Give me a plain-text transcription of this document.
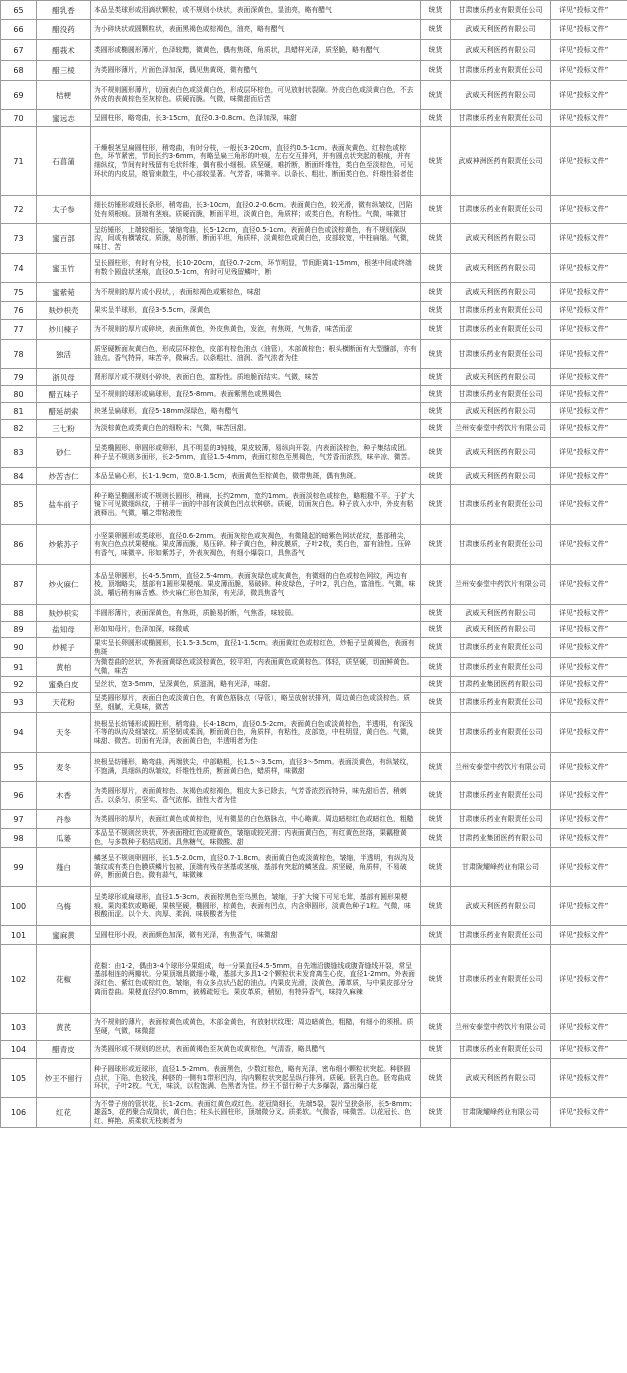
65	醋乳香	本品呈类球形或泪滴状颗粒，或不规则小块状，表面深黄色，显油亮，略有醋气	统货	甘肃康乐药业有限责任公司	详见“投标文件”
66	醋没药	为小碎块状或圆颗粒状，表面黑褐色或棕褐色，油亮，略有醋气	统货	武威天利医药有限公司	详见“投标文件”
67	醋莪术	类圆形或椭圆形薄片，色泽较黯，微黄色，偶有焦斑，角质状，具蜡样光泽，质坚脆，略有醋气	统货	武威天利医药有限公司	详见“投标文件”
68	醋三棱	为类圆形薄片，片面色泽加深，偶见焦黄斑，微有醋气	统货	甘肃康乐药业有限责任公司	详见“投标文件”
69	桔梗	为不规则圆形薄片，切面表白色或淡黄白色，形成层环棕色，可见放射状裂隙。外皮白色或淡黄白色，不去外皮的表黄棕色至灰棕色。质硬而脆。气微，味微甜而后苦	统货	武威天利医药有限公司	详见“投标文件”
70	蜜远志	呈圆柱形，略弯曲，长3-15cm，直径0.3-0.8cm。色泽加深，味甜	统货	甘肃康乐药业有限责任公司	详见“投标文件”
71	石菖蒲	干燥根茎呈扁圆柱形，稍弯曲，有时分枝，一般长3-20cm，直径约0.5-1cm。表面灰黄色、红棕色或棕色，环节紧密，节间长约3-6mm，有略呈扁三角形的叶痕，左右交互排列，并有圆点状突起的根痕，并有细纵纹，节间有时残留有毛状纤维，偶有极小细根。质坚硬，难折断，断面纤维性，类白色至淡棕色，可见环状的内皮层，维管束散生，中心部较显著。气芳香，味微辛。以条长、粗壮、断面类白色、纤维性弱者佳	统货	武威神洲医药有限责任公司	详见“投标文件”
72	太子参	细长纺锤形或细长条形，稍弯曲，长3-10cm，直径0.2-0.6cm。表面黄白色，较光滑，微有纵皱纹，凹陷处有须根痕。顶端有茎痕。质硬而脆，断面平坦，淡黄白色，角质样；或类白色，有粉性。气微，味微甘	统货	甘肃康乐药业有限责任公司	详见“投标文件”
73	蜜百部	呈纺锤形，上端较细长，皱缩弯曲，长5-12cm，直径0.5-1cm。表面黄白色或淡棕黄色，有不规则深纵沟，间或有横皱纹。质脆，易折断，断面平坦，角质样，淡黄棕色或黄白色，皮部较宽，中柱扁缩。气微，味甘、苦	统货	武威天利医药有限公司	详见“投标文件”
74	蜜玉竹	呈长圆柱形，有时有分枝，长10-20cm，直径0.7-2cm，环节明显，节间距离1-15mm，根茎中间或终端有数个圆盘状茎痕，直径0.5-1cm，有时可见残留鳞叶，断	统货	武威天利医药有限公司	详见“投标文件”
75	蜜紫菀	为不规则的厚片或小段状，，表面棕褐色或紫棕色，味甜	统货	武威天利医药有限公司	详见“投标文件”
76	麸炒枳壳	果实呈半球形，直径3-5.5cm，深黄色	统货	甘肃康乐药业有限责任公司	详见“投标文件”
77	炒川楝子	为不规则的厚片或碎块，表面焦黄色，外皮焦黄色，发泡，有焦斑，气焦香，味苦而涩	统货	甘肃康乐药业有限责任公司	详见“投标文件”
78	独活	质坚硬断面灰黄白色，形成层环棕色，皮部有棕色油点（油管），木部黄棕色；根头横断面有大型髓部，亦有油点。香气特异，味苦辛，微麻舌。以条粗壮、油润、香气浓者为佳	统货	甘肃康乐药业有限责任公司	详见“投标文件”
79	浙贝母	肾形厚片或不规则小碎块，表面白色，富粉性。质地脆而结实。气微，味苦	统货	武威天利医药有限公司	详见“投标文件”
80	醋五味子	呈不规则的球形或扁球形，直径5-8mm。表面紫黑色或黑褐色	统货	甘肃康乐药业有限责任公司	详见“投标文件”
81	醋延胡索	块茎呈扁球形，直径5-18mm深绿色，略有醋气	统货	武威天利医药有限公司	详见“投标文件”
82	三七粉	为淡棕黄色或类黄白色的细粉末；气微，味苦回甜。	统货	兰州安泰堂中药饮片有限公司	详见“投标文件”
83	砂仁	呈类椭圆形、卵圆形或卵形，具不明显的3钝棱，果皮较薄，易纵向开裂，内表面淡棕色，种子集结成团。种子呈不规则多面形，长2-5mm，直径1.5-4mm，表面红棕色至黑褐色，气芳香而浓烈，味辛凉、微苦。	统货	武威天利医药有限公司	详见“投标文件”
84	炒苦杏仁	本品呈扁心形，长1-1.9cm，宽0.8-1.5cm，表面黄色至棕黄色，微带焦斑，偶有焦斑。	统货	武威天利医药有限公司	详见“投标文件”
85	盐车前子	种子略呈椭圆形或不规则长圆形，稍扁，长约2mm，宽约1mm。表面淡棕色或棕色，略粗糙不平。于扩大镜下可见微细纵纹，于稍平一面的中部有淡黄色凹点状种脐。质硬，切面灰白色。种子放入水中，外皮有粘液释出。气微，嚼之带粘液性	统货	甘肃康乐药业有限责任公司	详见“投标文件”
86	炒紫苏子	小坚果卵圆形或类球形，直径0.6-2mm。表面灰棕色或灰褐色，有微隆起的暗紫色网状花纹，基部稍尖，有灰白色点状果梗痕。果皮薄而脆，易压碎。种子黄白色，种皮膜质，子叶2枚，类白色，富有油性。压碎有香气，味微辛。形如紫苏子，外表灰褐色，有细小爆裂口，具焦香气	统货	甘肃康乐药业有限责任公司	详见“投标文件”
87	炒火麻仁	本品呈卵圆形，长4-5.5mm，直径2.5-4mm。表面灰绿色或灰黄色，有微细的白色或棕色网纹，两边有棱，顶端略尖，基部有1圆形果梗痕。果皮薄而脆，易破碎。种皮绿色，子叶2，乳白色，富油性。气微，味淡。嚼后稍有麻舌感。炒火麻仁形色加深，有光泽，微具焦香气	统货	兰州安泰堂中药饮片有限公司	详见“投标文件”
88	麸炒枳实	半圆形薄片，表面深黄色，有焦斑，质脆易折断，气焦香，味较弱。	统货	武威天利医药有限公司	详见“投标文件”
89	盐知母	形如知母片，色泽加深，味微咸	统货	武威天利医药有限公司	详见“投标文件”
90	炒栀子	果实呈长卵圆形或椭圆形，长1.5-3.5cm，直径1-1.5cm。表面黄红色或棕红色，炒栀子呈黄褐色，表面有焦斑	统货	甘肃康乐药业有限责任公司	详见“投标文件”
91	黄柏	为微卷曲的丝状，外表面黄绿色或淡棕黄色，较平坦，内表面黄色或黄棕色。体轻，质坚硬，切面鲜黄色。气微，味苦	统货	甘肃康乐药业有限责任公司	详见“投标文件”
92	蜜桑白皮	呈丝状，宽3-5mm，呈深黄色，质滋润，略有光泽，味甜。	统货	甘肃药业集团医药有限公司	详见“投标文件”
93	天花粉	呈类圆形厚片，表面白色或淡黄白色，有黄色筋脉点（导管），略呈放射状排列，周边黄白色或淡棕色。质坚，细腻，无臭味，微苦	统货	甘肃康乐药业有限责任公司	详见“投标文件”
94	天冬	块根呈长纺锤形或圆柱形，稍弯曲，长4-18cm，直径0.5-2cm。表面黄白色或淡黄棕色，半透明，有深浅不等的纵沟及细皱纹。质坚韧或柔润，断面黄白色，角质样，有粘性，皮部宽，中柱明显，黄白色。气微，味甜、微苦。切面有光泽，表面黄白色，半透明者为佳	统货	甘肃康乐药业有限责任公司	详见“投标文件”
95	麦冬	块根呈纺锤形，略弯曲，两端狭尖，中部略粗，长1.5～3.5cm，直径3～5mm。表面淡黄色，有纵皱纹，不饱满，具细纵的纵皱纹，纤维性性质，断面黄白色，蜡质样，味微甜	统货	兰州安泰堂中药饮片有限公司	详见“投标文件”
96	木香	为类圆形厚片，表面黄棕色、灰褐色或棕褐色，粗皮大多已除去，气芳香浓烈而特异，味先甜后苦，稍刺舌。以条匀、质坚实、香气浓郁、油性大者为佳	统货	甘肃康乐药业有限责任公司	详见“投标文件”
97	丹参	为类圆形的厚片，表面红黄色或黄棕色，见有微显的白色筋脉点，中心略黄。周边暗棕红色或暗红色，粗糙	统货	甘肃康乐药业有限责任公司	详见“投标文件”
98	瓜蒌	本品呈不规则丝块状，外表面橙红色或橙黄色，皱缩或较光滑；内表面黄白色，有红黄色丝络，果瓤橙黄色，与多数种子粘结成团。具焦糖气，味微酸、甜	统货	甘肃药业集团医药有限公司	详见“投标文件”
99	薤白	鳞茎呈不规则卵圆形，长1.5-2.0cm，直径0.7-1.8cm。表面黄白色或淡黄棕色，皱缩，半透明，有纵沟及皱纹或有类白色膜质鳞片包被，顶端有残存茎基或茎痕，基部有突起的鳞茎盘。质坚硬，角质样，不易破碎，断面黄白色。微有蒜气，味微辣	统货	甘肃陇耀峰药业有限公司	详见“投标文件”
100	乌梅	呈类球形或扁球形，直径1.5-3cm。表面棕黑色至乌黑色，皱缩，于扩大镜下可见毛茸，基部有圆形果梗痕。果肉柔软或略硬，果核坚硬，椭圆形，棕黄色，表面有凹点，内含卵圆形，淡黄色种子1粒。气微，味极酸而涩。以个大、肉厚、柔润、味极酸者为佳	统货	武威天利医药有限公司	详见“投标文件”
101	蜜麻黄	呈圆柱形小段，表面颜色加深，微有光泽，有焦香气，味微甜	统货	甘肃康乐药业有限责任公司	详见“投标文件”
102	花椒	花椒：由1-2，偶由3-4个球形分果组成，每一分果直径4.5-5mm，自先端沿腹缝线或腹背缝线开裂，常呈基部相连的两瓣状。分果顶端具微细小喙，基部大多具1-2个颗粒状未发育离生心皮，直径1-2mm。外表面深红色、紫红色或棕红色，皱缩，有众多点状凸起的油点。内果皮光滑，淡黄色，薄革质，与中果皮部分分离而卷曲。果梗直径约0.8mm，被稀疏短毛。果皮革质，稍韧，有特异香气，味持久麻辣	统货	甘肃康乐药业有限责任公司	详见“投标文件”
103	黄芪	为不规则的薄片，表面棕黄色或黄色，木部金黄色，有放射状纹理；周边暗黄色，粗糙，有细小的须根。质坚硬，气微，味微甜	统货	兰州安泰堂中药饮片有限公司	详见“投标文件”
104	醋青皮	为类圆形或不规则的丝状，表面黄褐色至灰黄色或黄棕色，气清香，略具醋气	统货	甘肃康乐药业有限责任公司	详见“投标文件”
105	炒王不留行	种子圆球形或近球形，直径1.5-2mm。表面黑色，少数红棕色，略有光泽，密布细小颗粒状突起。种脐圆点状，下陷，色较浅，种脐的一侧有1带形凹沟，沟内颗粒状突起呈纵行排列。质硬。胚乳白色。胚弯曲成环状，子叶2枚。气无，味淡，以粒饱满、色黑者为佳。炒王不留行种子大多爆裂，露出爆白花	统货	武威天利医药有限公司	详见“投标文件”
106	红花	为不带子房的管状花，长1-2cm。表面红黄色或红色。花冠筒细长，先端5裂，裂片呈狭条形，长5-8mm；雄蕊5，花药聚合成筒状，黄白色；柱头长圆柱形，顶端微分叉。质柔软。气微香，味微苦。以花冠长、色红、鲜艳、质柔软无枝刺者为	统货	甘肃陇耀峰药业有限公司	详见“投标文件”
